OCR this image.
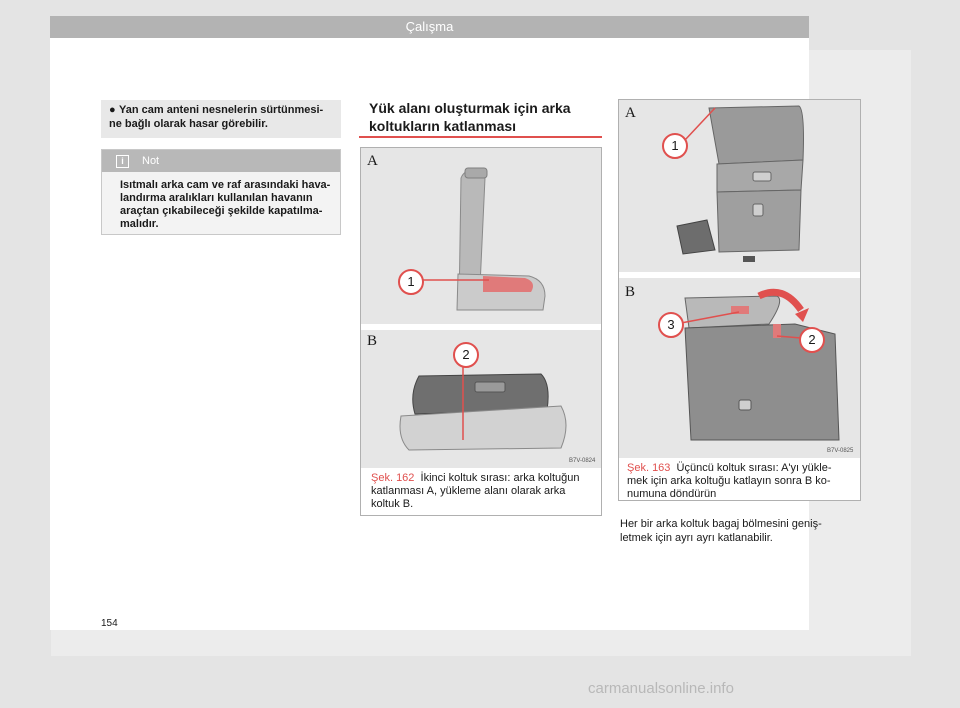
Çalışma
● Yan cam anteni nesnelerin sürtünmesi-
ne bağlı olarak hasar görebilir.
i	Not
Isıtmalı arka cam ve raf arasındaki hava-
landırma aralıkları kullanılan havanın
araçtan çıkabileceği şekilde kapatılma-
malıdır.
Yük alanı oluşturmak için arka
koltukların katlanması
A
B
1
2
B7V-0824
Şek. 162 İkinci koltuk sırası: arka koltuğun
katlanması A, yükleme alanı olarak arka
koltuk B.
A
B
1
3
2
B7V-0825
Şek. 163 Üçüncü koltuk sırası: A'yı yükle-
mek için arka koltuğu katlayın sonra B ko-
numuna döndürün
Her bir arka koltuk bagaj bölmesini geniş-
letmek için ayrı ayrı katlanabilir.
154
carmanualsonline.info
